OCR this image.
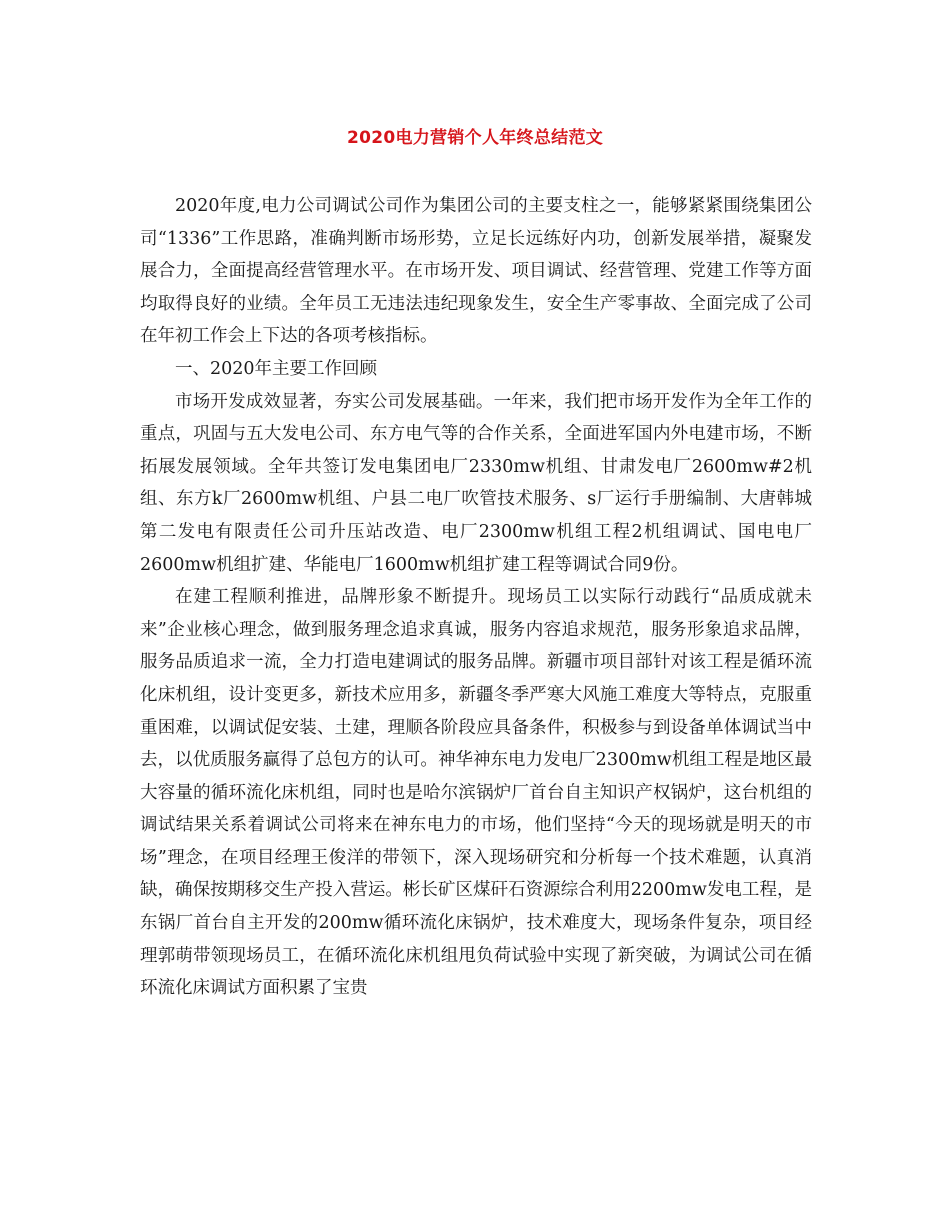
2020电力营销个人年终总结范文

2020年度,电力公司调试公司作为集团公司的主要支柱之一，能够紧紧围绕集团公司“1336”工作思路，准确判断市场形势，立足长远练好内功，创新发展举措，凝聚发展合力，全面提高经营管理水平。在市场开发、项目调试、经营管理、党建工作等方面均取得良好的业绩。全年员工无违法违纪现象发生，安全生产零事故、全面完成了公司在年初工作会上下达的各项考核指标。

一、2020年主要工作回顾

市场开发成效显著，夯实公司发展基础。一年来，我们把市场开发作为全年工作的重点，巩固与五大发电公司、东方电气等的合作关系，全面进军国内外电建市场，不断拓展发展领域。全年共签订发电集团电厂2330mw机组、甘肃发电厂2600mw#2机组、东方k厂2600mw机组、户县二电厂吹管技术服务、s厂运行手册编制、大唐韩城第二发电有限责任公司升压站改造、电厂2300mw机组工程2机组调试、国电电厂2600mw机组扩建、华能电厂1600mw机组扩建工程等调试合同9份。

在建工程顺利推进，品牌形象不断提升。现场员工以实际行动践行“品质成就未来”企业核心理念，做到服务理念追求真诚，服务内容追求规范，服务形象追求品牌，服务品质追求一流，全力打造电建调试的服务品牌。新疆市项目部针对该工程是循环流化床机组，设计变更多，新技术应用多，新疆冬季严寒大风施工难度大等特点，克服重重困难，以调试促安装、土建，理顺各阶段应具备条件，积极参与到设备单体调试当中去，以优质服务赢得了总包方的认可。神华神东电力发电厂2300mw机组工程是地区最大容量的循环流化床机组，同时也是哈尔滨锅炉厂首台自主知识产权锅炉，这台机组的调试结果关系着调试公司将来在神东电力的市场，他们坚持“今天的现场就是明天的市场”理念，在项目经理王俊洋的带领下，深入现场研究和分析每一个技术难题，认真消缺，确保按期移交生产投入营运。彬长矿区煤矸石资源综合利用2200mw发电工程，是东锅厂首台自主开发的200mw循环流化床锅炉，技术难度大，现场条件复杂，项目经理郭萌带领现场员工，在循环流化床机组甩负荷试验中实现了新突破，为调试公司在循环流化床调试方面积累了宝贵
